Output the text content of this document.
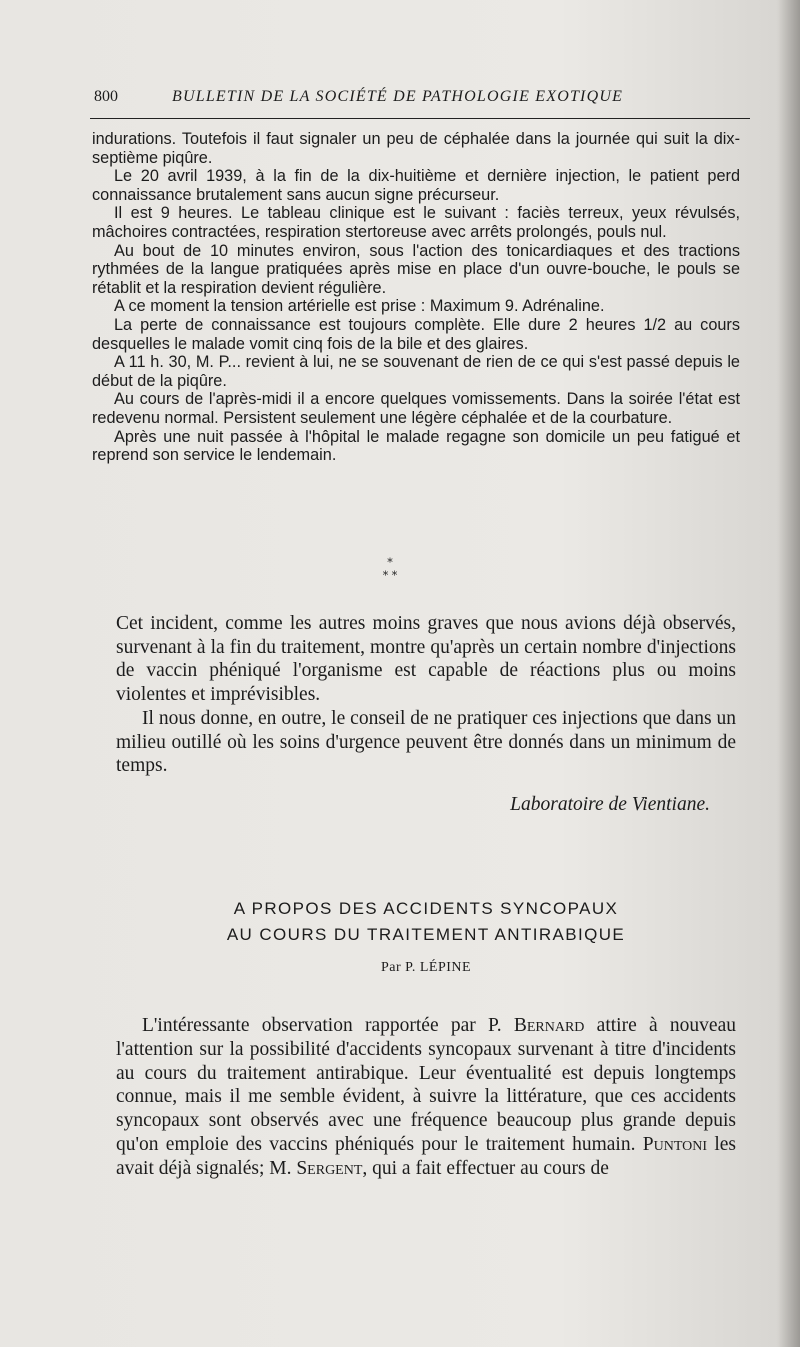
800	BULLETIN DE LA SOCIÉTÉ DE PATHOLOGIE EXOTIQUE

indurations. Toutefois il faut signaler un peu de céphalée dans la journée qui suit la dix-septième piqûre.

Le 20 avril 1939, à la fin de la dix-huitième et dernière injection, le patient perd connaissance brutalement sans aucun signe précurseur.

Il est 9 heures. Le tableau clinique est le suivant : faciès terreux, yeux révulsés, mâchoires contractées, respiration stertoreuse avec arrêts prolongés, pouls nul.

Au bout de 10 minutes environ, sous l'action des tonicardiaques et des tractions rythmées de la langue pratiquées après mise en place d'un ouvre-bouche, le pouls se rétablit et la respiration devient régulière.

A ce moment la tension artérielle est prise : Maximum 9. Adrénaline.

La perte de connaissance est toujours complète. Elle dure 2 heures 1/2 au cours desquelles le malade vomit cinq fois de la bile et des glaires.

A 11 h. 30, M. P... revient à lui, ne se souvenant de rien de ce qui s'est passé depuis le début de la piqûre.

Au cours de l'après-midi il a encore quelques vomissements. Dans la soirée l'état est redevenu normal. Persistent seulement une légère céphalée et de la courbature.

Après une nuit passée à l'hôpital le malade regagne son domicile un peu fatigué et reprend son service le lendemain.

*
* *

Cet incident, comme les autres moins graves que nous avions déjà observés, survenant à la fin du traitement, montre qu'après un certain nombre d'injections de vaccin phéniqué l'organisme est capable de réactions plus ou moins violentes et imprévisibles.

Il nous donne, en outre, le conseil de ne pratiquer ces injections que dans un milieu outillé où les soins d'urgence peuvent être donnés dans un minimum de temps.

Laboratoire de Vientiane.
A PROPOS DES ACCIDENTS SYNCOPAUX
AU COURS DU TRAITEMENT ANTIRABIQUE
Par P. LÉPINE

L'intéressante observation rapportée par P. Bernard attire à nouveau l'attention sur la possibilité d'accidents syncopaux survenant à titre d'incidents au cours du traitement antirabique. Leur éventualité est depuis longtemps connue, mais il me semble évident, à suivre la littérature, que ces accidents syncopaux sont observés avec une fréquence beaucoup plus grande depuis qu'on emploie des vaccins phéniqués pour le traitement humain. Puntoni les avait déjà signalés; M. Sergent, qui a fait effectuer au cours de
